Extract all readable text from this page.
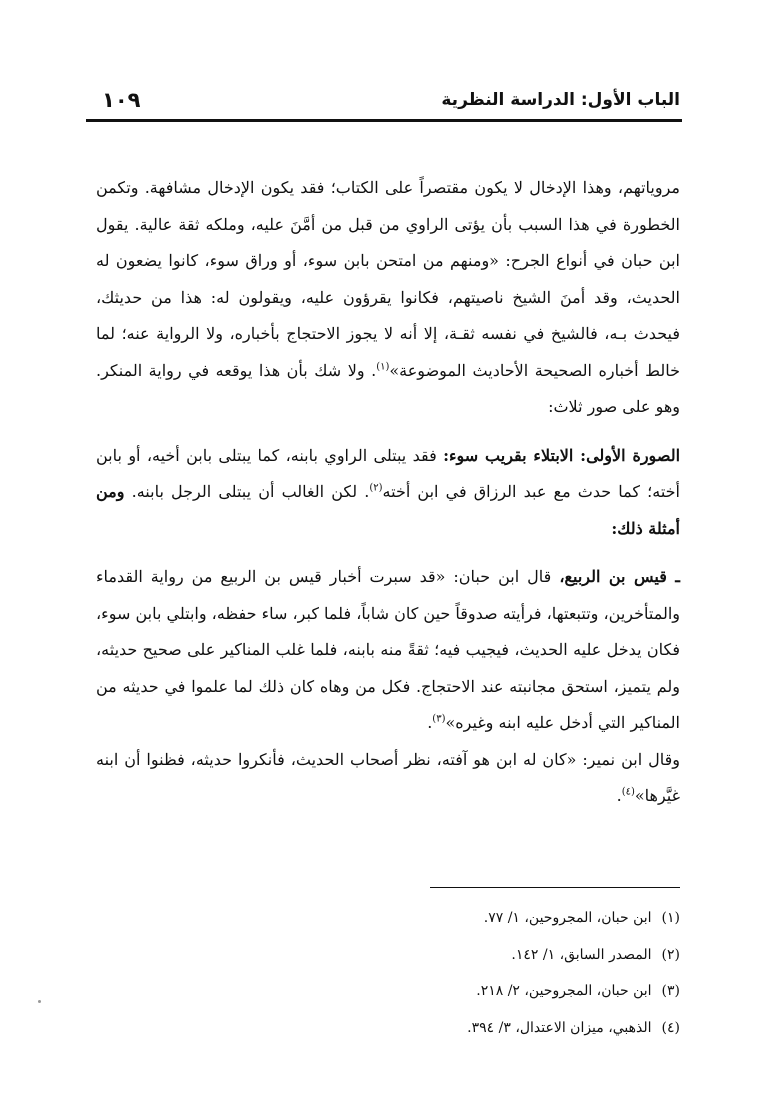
الباب الأول: الدراسة النظرية
١٠٩

مروياتهم، وهذا الإدخال لا يكون مقتصراً على الكتاب؛ فقد يكون الإدخال مشافهة. وتكمن الخطورة في هذا السبب بأن يؤتى الراوي من قبل من أمَّنَ عليه، وملكه ثقة عالية. يقول ابن حبان في أنواع الجرح: «ومنهم من امتحن بابن سوء، أو وراق سوء، كانوا يضعون له الحديث، وقد أمنَ الشيخ ناصيتهم، فكانوا يقرؤون عليه، ويقولون له: هذا من حديثك، فيحدث بـه، فالشيخ في نفسه ثقـة، إلا أنه لا يجوز الاحتجاج بأخباره، ولا الرواية عنه؛ لما خالط أخباره الصحيحة الأحاديث الموضوعة»$^{(١)}$. ولا شك بأن هذا يوقعه في رواية المنكر. وهو على صور ثلاث:

الصورة الأولى: الابتلاء بقريب سوء: فقد يبتلى الراوي بابنه، كما يبتلى بابن أخيه، أو بابن أخته؛ كما حدث مع عبد الرزاق في ابن أخته$^{(٢)}$. لكن الغالب أن يبتلى الرجل بابنه. ومن أمثلة ذلك:

ـ قيس بن الربيع، قال ابن حبان: «قد سبرت أخبار قيس بن الربيع من رواية القدماء والمتأخرين، وتتبعتها، فرأيته صدوقاً حين كان شاباً، فلما كبر، ساء حفظه، وابتلي بابن سوء، فكان يدخل عليه الحديث، فيجيب فيه؛ ثقةً منه بابنه، فلما غلب المناكير على صحيح حديثه، ولم يتميز، استحق مجانبته عند الاحتجاج. فكل من وهاه كان ذلك لما علموا في حديثه من المناكير التي أدخل عليه ابنه وغيره»$^{(٣)}$.

وقال ابن نمير: «كان له ابن هو آفته، نظر أصحاب الحديث، فأنكروا حديثه، فظنوا أن ابنه غيَّرها»$^{(٤)}$.

(١)ابن حبان، المجروحين، ١/ ٧٧.
(٢)المصدر السابق، ١/ ١٤٢.
(٣)ابن حبان، المجروحين، ٢/ ٢١٨.
(٤)الذهبي، ميزان الاعتدال، ٣/ ٣٩٤.
